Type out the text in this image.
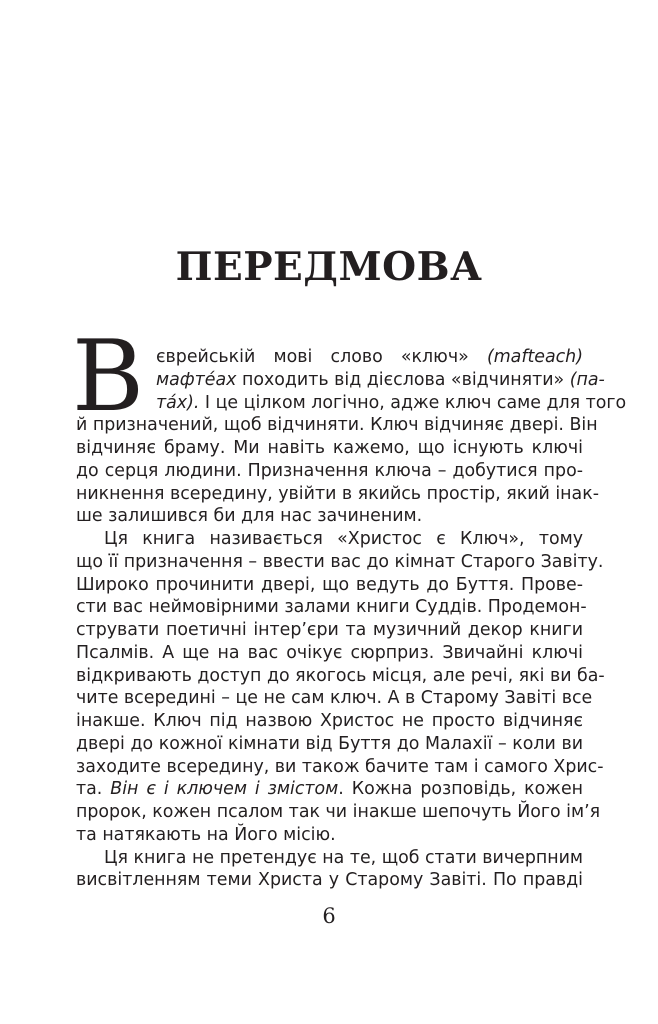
ПЕРЕДМОВА
В єврейській мові слово «ключ» (mafteach)
мафтéах походить від дієслова «відчиняти» (па-
тáх). І це цілком логічно, адже ключ саме для того
й призначений, щоб відчиняти. Ключ відчиняє двері. Він
відчиняє браму. Ми навіть кажемо, що існують ключі
до серця людини. Призначення ключа – добутися про-
никнення всередину, увійти в якийсь простір, який інак-
ше залишився би для нас зачиненим.
Ця книга називається «Христос є Ключ», тому
що її призначення – ввести вас до кімнат Старого Завіту.
Широко прочинити двері, що ведуть до Буття. Прове-
сти вас неймовірними залами книги Суддів. Продемон-
струвати поетичні інтер’єри та музичний декор книги
Псалмів. А ще на вас очікує сюрприз. Звичайні ключі
відкривають доступ до якогось місця, але речі, які ви ба-
чите всередині – це не сам ключ. А в Старому Завіті все
інакше. Ключ під назвою Христос не просто відчиняє
двері до кожної кімнати від Буття до Малахії – коли ви
заходите всередину, ви також бачите там і самого Хрис-
та. Він є і ключем і змістом. Кожна розповідь, кожен
пророк, кожен псалом так чи інакше шепочуть Його ім’я
та натякають на Його місію.
Ця книга не претендує на те, щоб стати вичерпним
висвітленням теми Христа у Старому Завіті. По правді
6
